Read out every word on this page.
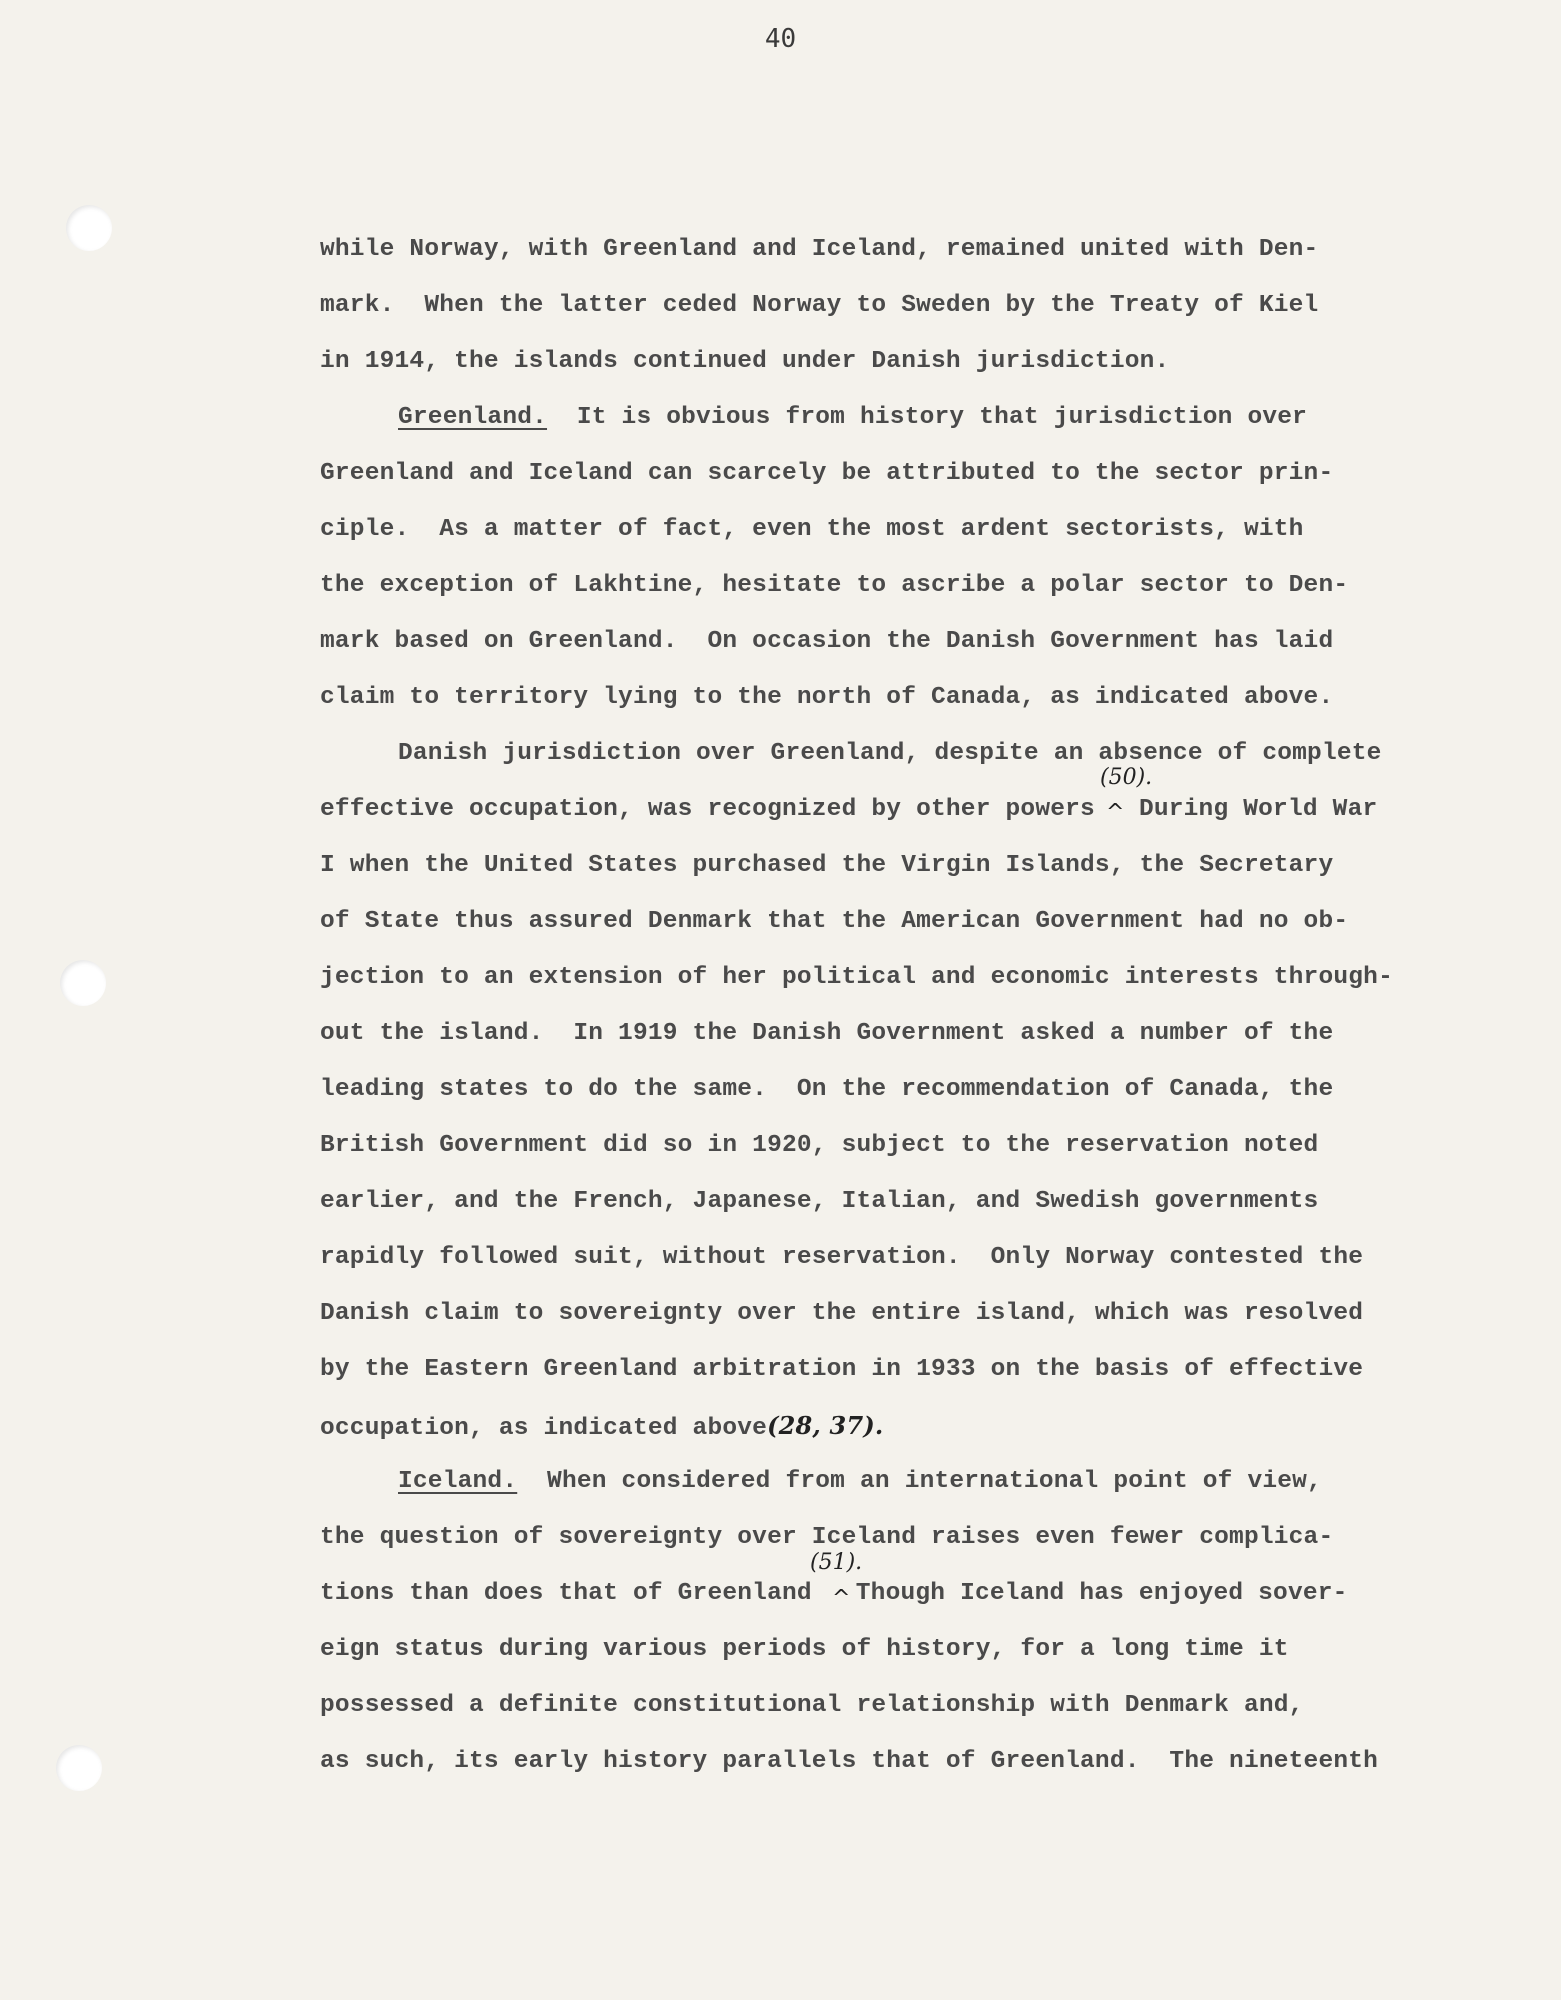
40
while Norway, with Greenland and Iceland, remained united with Den-
mark.  When the latter ceded Norway to Sweden by the Treaty of Kiel
in 1914, the islands continued under Danish jurisdiction.
Greenland.  It is obvious from history that jurisdiction over
Greenland and Iceland can scarcely be attributed to the sector prin-
ciple.  As a matter of fact, even the most ardent sectorists, with
the exception of Lakhtine, hesitate to ascribe a polar sector to Den-
mark based on Greenland.  On occasion the Danish Government has laid
claim to territory lying to the north of Canada, as indicated above.
Danish jurisdiction over Greenland, despite an absence of complete
effective occupation, was recognized by other powers During World War
(50).
^
I when the United States purchased the Virgin Islands, the Secretary
of State thus assured Denmark that the American Government had no ob-
jection to an extension of her political and economic interests through-
out the island.  In 1919 the Danish Government asked a number of the
leading states to do the same.  On the recommendation of Canada, the
British Government did so in 1920, subject to the reservation noted
earlier, and the French, Japanese, Italian, and Swedish governments
rapidly followed suit, without reservation.  Only Norway contested the
Danish claim to sovereignty over the entire island, which was resolved
by the Eastern Greenland arbitration in 1933 on the basis of effective
occupation, as indicated above(28, 37).
Iceland.  When considered from an international point of view,
the question of sovereignty over Iceland raises even fewer complica-
tions than does that of Greenland Though Iceland has enjoyed sover-
(51).
^
eign status during various periods of history, for a long time it
possessed a definite constitutional relationship with Denmark and,
as such, its early history parallels that of Greenland.  The nineteenth
